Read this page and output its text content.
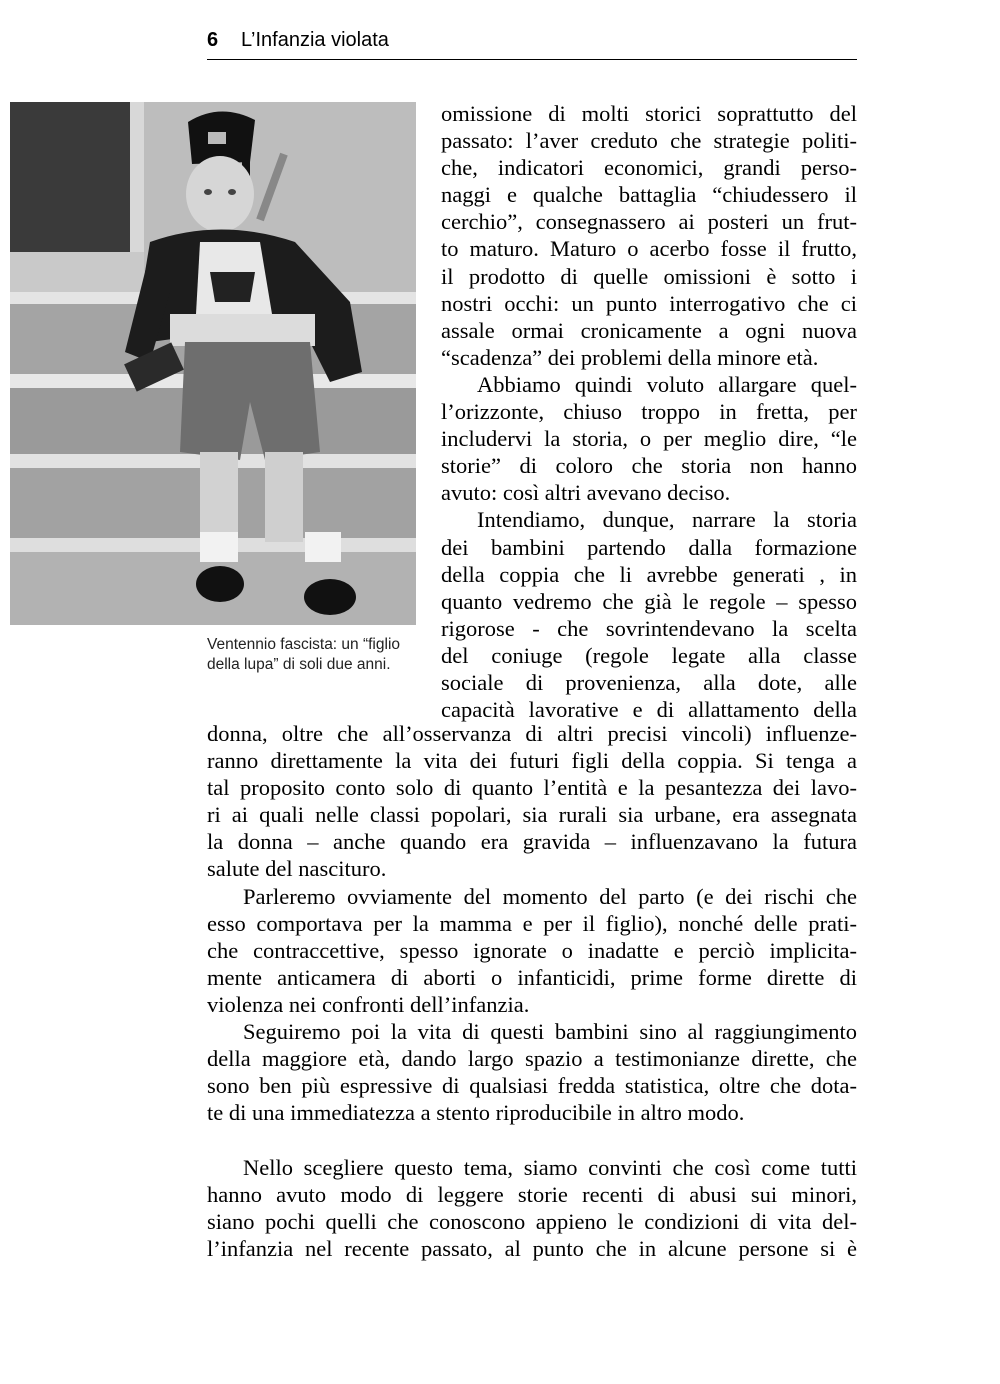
6 L’Infanzia violata
Ventennio fascista: un “figlio
della lupa” di soli due anni.
omissione di molti storici soprattutto del
passato: l’aver creduto che strategie politi-
che, indicatori economici, grandi perso-
naggi e qualche battaglia “chiudessero il
cerchio”, consegnassero ai posteri un frut-
to maturo. Maturo o acerbo fosse il frutto,
il prodotto di quelle omissioni è sotto i
nostri occhi: un punto interrogativo che ci
assale ormai cronicamente a ogni nuova
“scadenza” dei problemi della minore età.
Abbiamo quindi voluto allargare quel-
l’orizzonte, chiuso troppo in fretta, per
includervi la storia, o per meglio dire, “le
storie” di coloro che storia non hanno
avuto: così altri avevano deciso.
Intendiamo, dunque, narrare la storia
dei bambini partendo dalla formazione
della coppia che li avrebbe generati , in
quanto vedremo che già le regole – spesso
rigorose - che sovrintendevano la scelta
del coniuge (regole legate alla classe
sociale di provenienza, alla dote, alle
capacità lavorative e di allattamento della
donna, oltre che all’osservanza di altri precisi vincoli) influenze-
ranno direttamente la vita dei futuri figli della coppia. Si tenga a
tal proposito conto solo di quanto l’entità e la pesantezza dei lavo-
ri ai quali nelle classi popolari, sia rurali sia urbane, era assegnata
la donna – anche quando era gravida – influenzavano la futura
salute del nascituro.
Parleremo ovviamente del momento del parto (e dei rischi che
esso comportava per la mamma e per il figlio), nonché delle prati-
che contraccettive, spesso ignorate o inadatte e perciò implicita-
mente anticamera di aborti o infanticidi, prime forme dirette di
violenza nei confronti dell’infanzia.
Seguiremo poi la vita di questi bambini sino al raggiungimento
della maggiore età, dando largo spazio a testimonianze dirette, che
sono ben più espressive di qualsiasi fredda statistica, oltre che dota-
te di una immediatezza a stento riproducibile in altro modo.
Nello scegliere questo tema, siamo convinti che così come tutti
hanno avuto modo di leggere storie recenti di abusi sui minori,
siano pochi quelli che conoscono appieno le condizioni di vita del-
l’infanzia nel recente passato, al punto che in alcune persone si è
